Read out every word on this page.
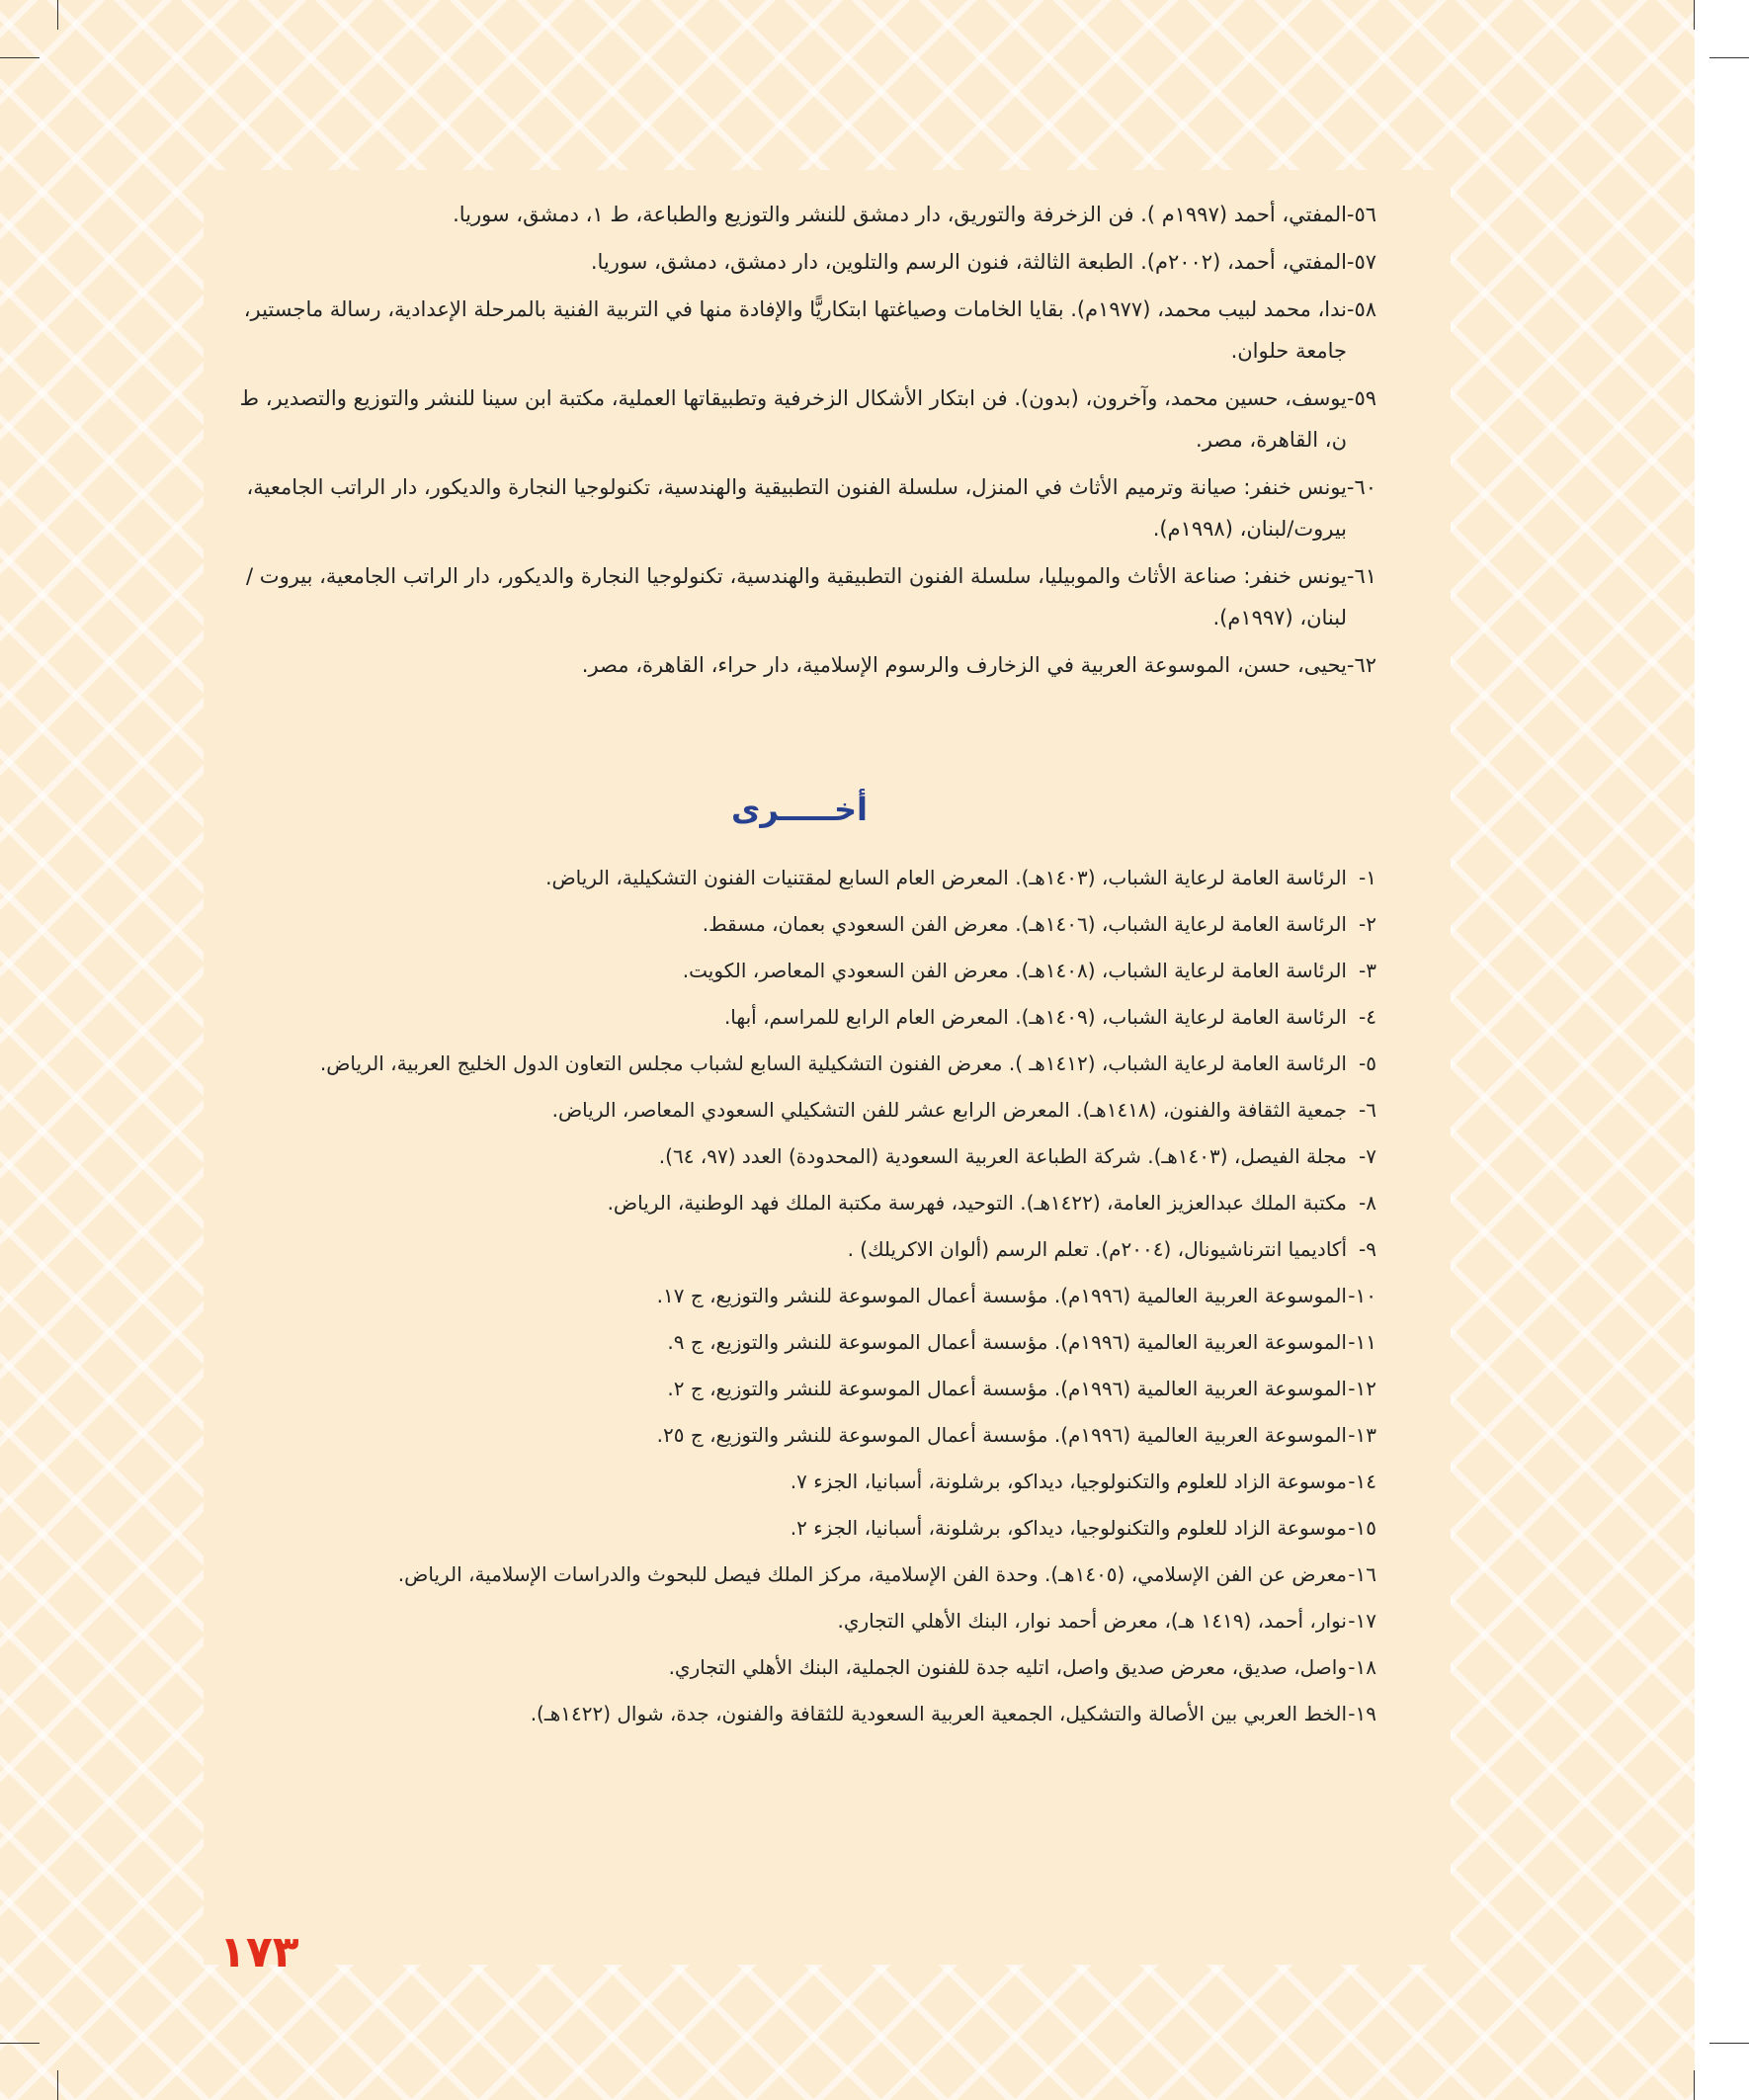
٥٦-
المفتي، أحمد (١٩٩٧م ). فن الزخرفة والتوريق، دار دمشق للنشر والتوزيع والطباعة، ط ١، دمشق، سوريا.
٥٧-
المفتي، أحمد، (٢٠٠٢م). الطبعة الثالثة، فنون الرسم والتلوين، دار دمشق، دمشق، سوريا.
٥٨-
ندا، محمد لبيب محمد، (١٩٧٧م). بقايا الخامات وصياغتها ابتكاريًّا والإفادة منها في التربية الفنية بالمرحلة الإعدادية، رسالة ماجستير، جامعة حلوان.
٥٩-
يوسف، حسين محمد، وآخرون، (بدون). فن ابتكار الأشكال الزخرفية وتطبيقاتها العملية، مكتبة ابن سينا للنشر والتوزيع والتصدير، ط ن، القاهرة، مصر.
٦٠-
يونس خنفر: صيانة وترميم الأثاث في المنزل، سلسلة الفنون التطبيقية والهندسية، تكنولوجيا النجارة والديكور، دار الراتب الجامعية، بيروت/لبنان، (١٩٩٨م).
٦١-
يونس خنفر: صناعة الأثاث والموبيليا، سلسلة الفنون التطبيقية والهندسية، تكنولوجيا النجارة والديكور، دار الراتب الجامعية، بيروت / لبنان، (١٩٩٧م).
٦٢-
يحيى، حسن، الموسوعة العربية في الزخارف والرسوم الإسلامية، دار حراء، القاهرة، مصر.
أخـــــرى
١-
الرئاسة العامة لرعاية الشباب، (١٤٠٣هـ). المعرض العام السابع لمقتنيات الفنون التشكيلية، الرياض.
٢-
الرئاسة العامة لرعاية الشباب، (١٤٠٦هـ). معرض الفن السعودي بعمان، مسقط.
٣-
الرئاسة العامة لرعاية الشباب، (١٤٠٨هـ). معرض الفن السعودي المعاصر، الكويت.
٤-
الرئاسة العامة لرعاية الشباب، (١٤٠٩هـ). المعرض العام الرابع للمراسم، أبها.
٥-
الرئاسة العامة لرعاية الشباب، (١٤١٢هـ ). معرض الفنون التشكيلية السابع لشباب مجلس التعاون الدول الخليج العربية، الرياض.
٦-
جمعية الثقافة والفنون، (١٤١٨هـ). المعرض الرابع عشر للفن التشكيلي السعودي المعاصر، الرياض.
٧-
مجلة الفيصل، (١٤٠٣هـ). شركة الطباعة العربية السعودية (المحدودة) العدد (٩٧، ٦٤).
٨-
مكتبة الملك عبدالعزيز العامة، (١٤٢٢هـ). التوحيد، فهرسة مكتبة الملك فهد الوطنية، الرياض.
٩-
أكاديميا انترناشيونال، (٢٠٠٤م). تعلم الرسم (ألوان الاكريلك) .
١٠-
الموسوعة العربية العالمية (١٩٩٦م). مؤسسة أعمال الموسوعة للنشر والتوزيع، ج ١٧.
١١-
الموسوعة العربية العالمية (١٩٩٦م). مؤسسة أعمال الموسوعة للنشر والتوزيع، ج ٩.
١٢-
الموسوعة العربية العالمية (١٩٩٦م). مؤسسة أعمال الموسوعة للنشر والتوزيع، ج ٢.
١٣-
الموسوعة العربية العالمية (١٩٩٦م). مؤسسة أعمال الموسوعة للنشر والتوزيع، ج ٢٥.
١٤-
موسوعة الزاد للعلوم والتكنولوجيا، ديداكو، برشلونة، أسبانيا، الجزء ٧.
١٥-
موسوعة الزاد للعلوم والتكنولوجيا، ديداكو، برشلونة، أسبانيا، الجزء ٢.
١٦-
معرض عن الفن الإسلامي، (١٤٠٥هـ). وحدة الفن الإسلامية، مركز الملك فيصل للبحوث والدراسات الإسلامية، الرياض.
١٧-
نوار، أحمد، (١٤١٩ هـ)، معرض أحمد نوار، البنك الأهلي التجاري.
١٨-
واصل، صديق، معرض صديق واصل، اتليه جدة للفنون الجملية، البنك الأهلي التجاري.
١٩-
الخط العربي بين الأصالة والتشكيل، الجمعية العربية السعودية للثقافة والفنون، جدة، شوال (١٤٢٢هـ).
١٧٣
